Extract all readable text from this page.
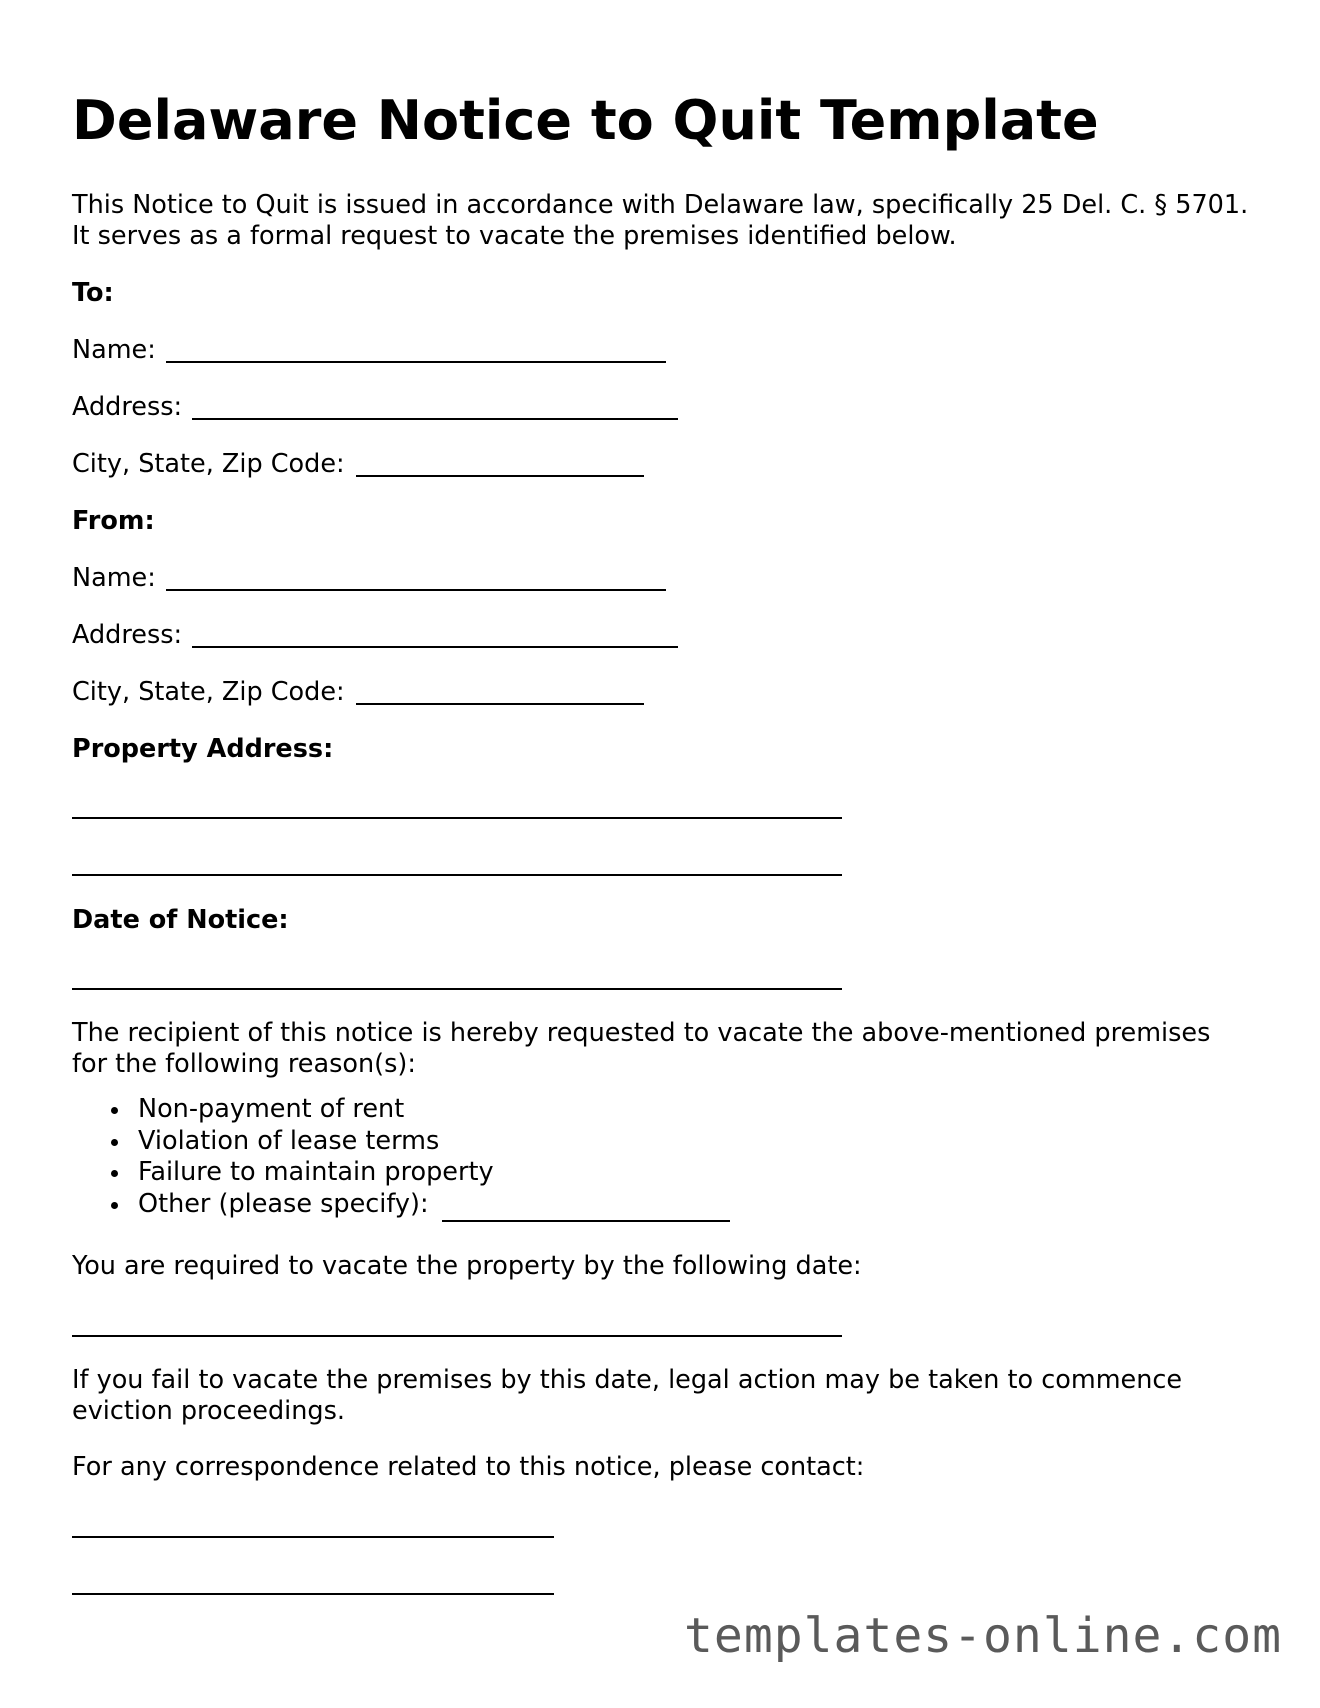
Delaware Notice to Quit Template

This Notice to Quit is issued in accordance with Delaware law, specifically 25 Del. C. § 5701. It serves as a formal request to vacate the premises identified below.

To:

Name:

Address:

City, State, Zip Code:

From:

Name:

Address:

City, State, Zip Code:

Property Address:

Date of Notice:

The recipient of this notice is hereby requested to vacate the above-mentioned premises for the following reason(s):

Non-payment of rent
Violation of lease terms
Failure to maintain property
Other (please specify):

You are required to vacate the property by the following date:

If you fail to vacate the premises by this date, legal action may be taken to commence eviction proceedings.

For any correspondence related to this notice, please contact:

templates-online.com
